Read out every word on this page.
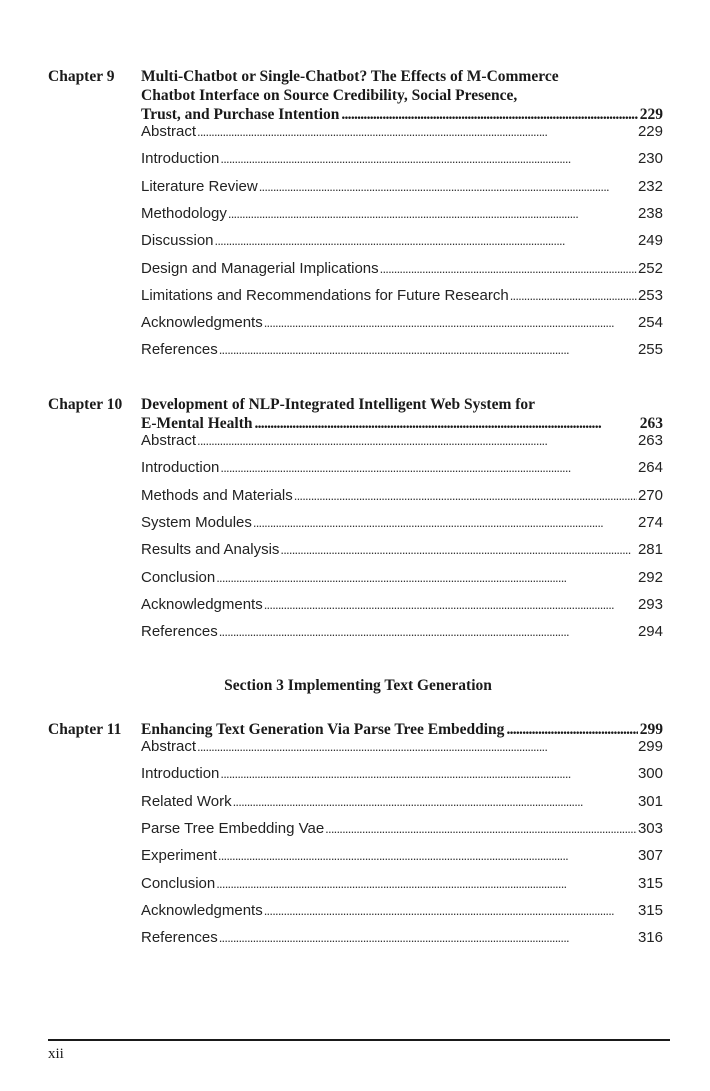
Chapter 9 Multi-Chatbot or Single-Chatbot? The Effects of M-Commerce
Chatbot Interface on Source Credibility, Social Presence,
Trust, and Purchase Intention . . .	229
Abstract . . .	229
Introduction . . .	230
Literature Review . . .	232
Methodology . . .	238
Discussion . . .	249
Design and Managerial Implications . . .	252
Limitations and Recommendations for Future Research . . .	253
Acknowledgments . . .	254
References . . .	255
Chapter 10 Development of NLP-Integrated Intelligent Web System for
E-Mental Health . . .	263
Abstract . . .	263
Introduction . . .	264
Methods and Materials . . .	270
System Modules . . .	274
Results and Analysis . . .	281
Conclusion . . .	292
Acknowledgments . . .	293
References . . .	294
Chapter 11 Enhancing Text Generation Via Parse Tree Embedding . . .	299
Abstract . . .	299
Introduction . . .	300
Related Work . . .	301
Parse Tree Embedding Vae . . .	303
Experiment . . .	307
Conclusion . . .	315
Acknowledgments . . .	315
References . . .	316
Section 3 Implementing Text Generation
xii
